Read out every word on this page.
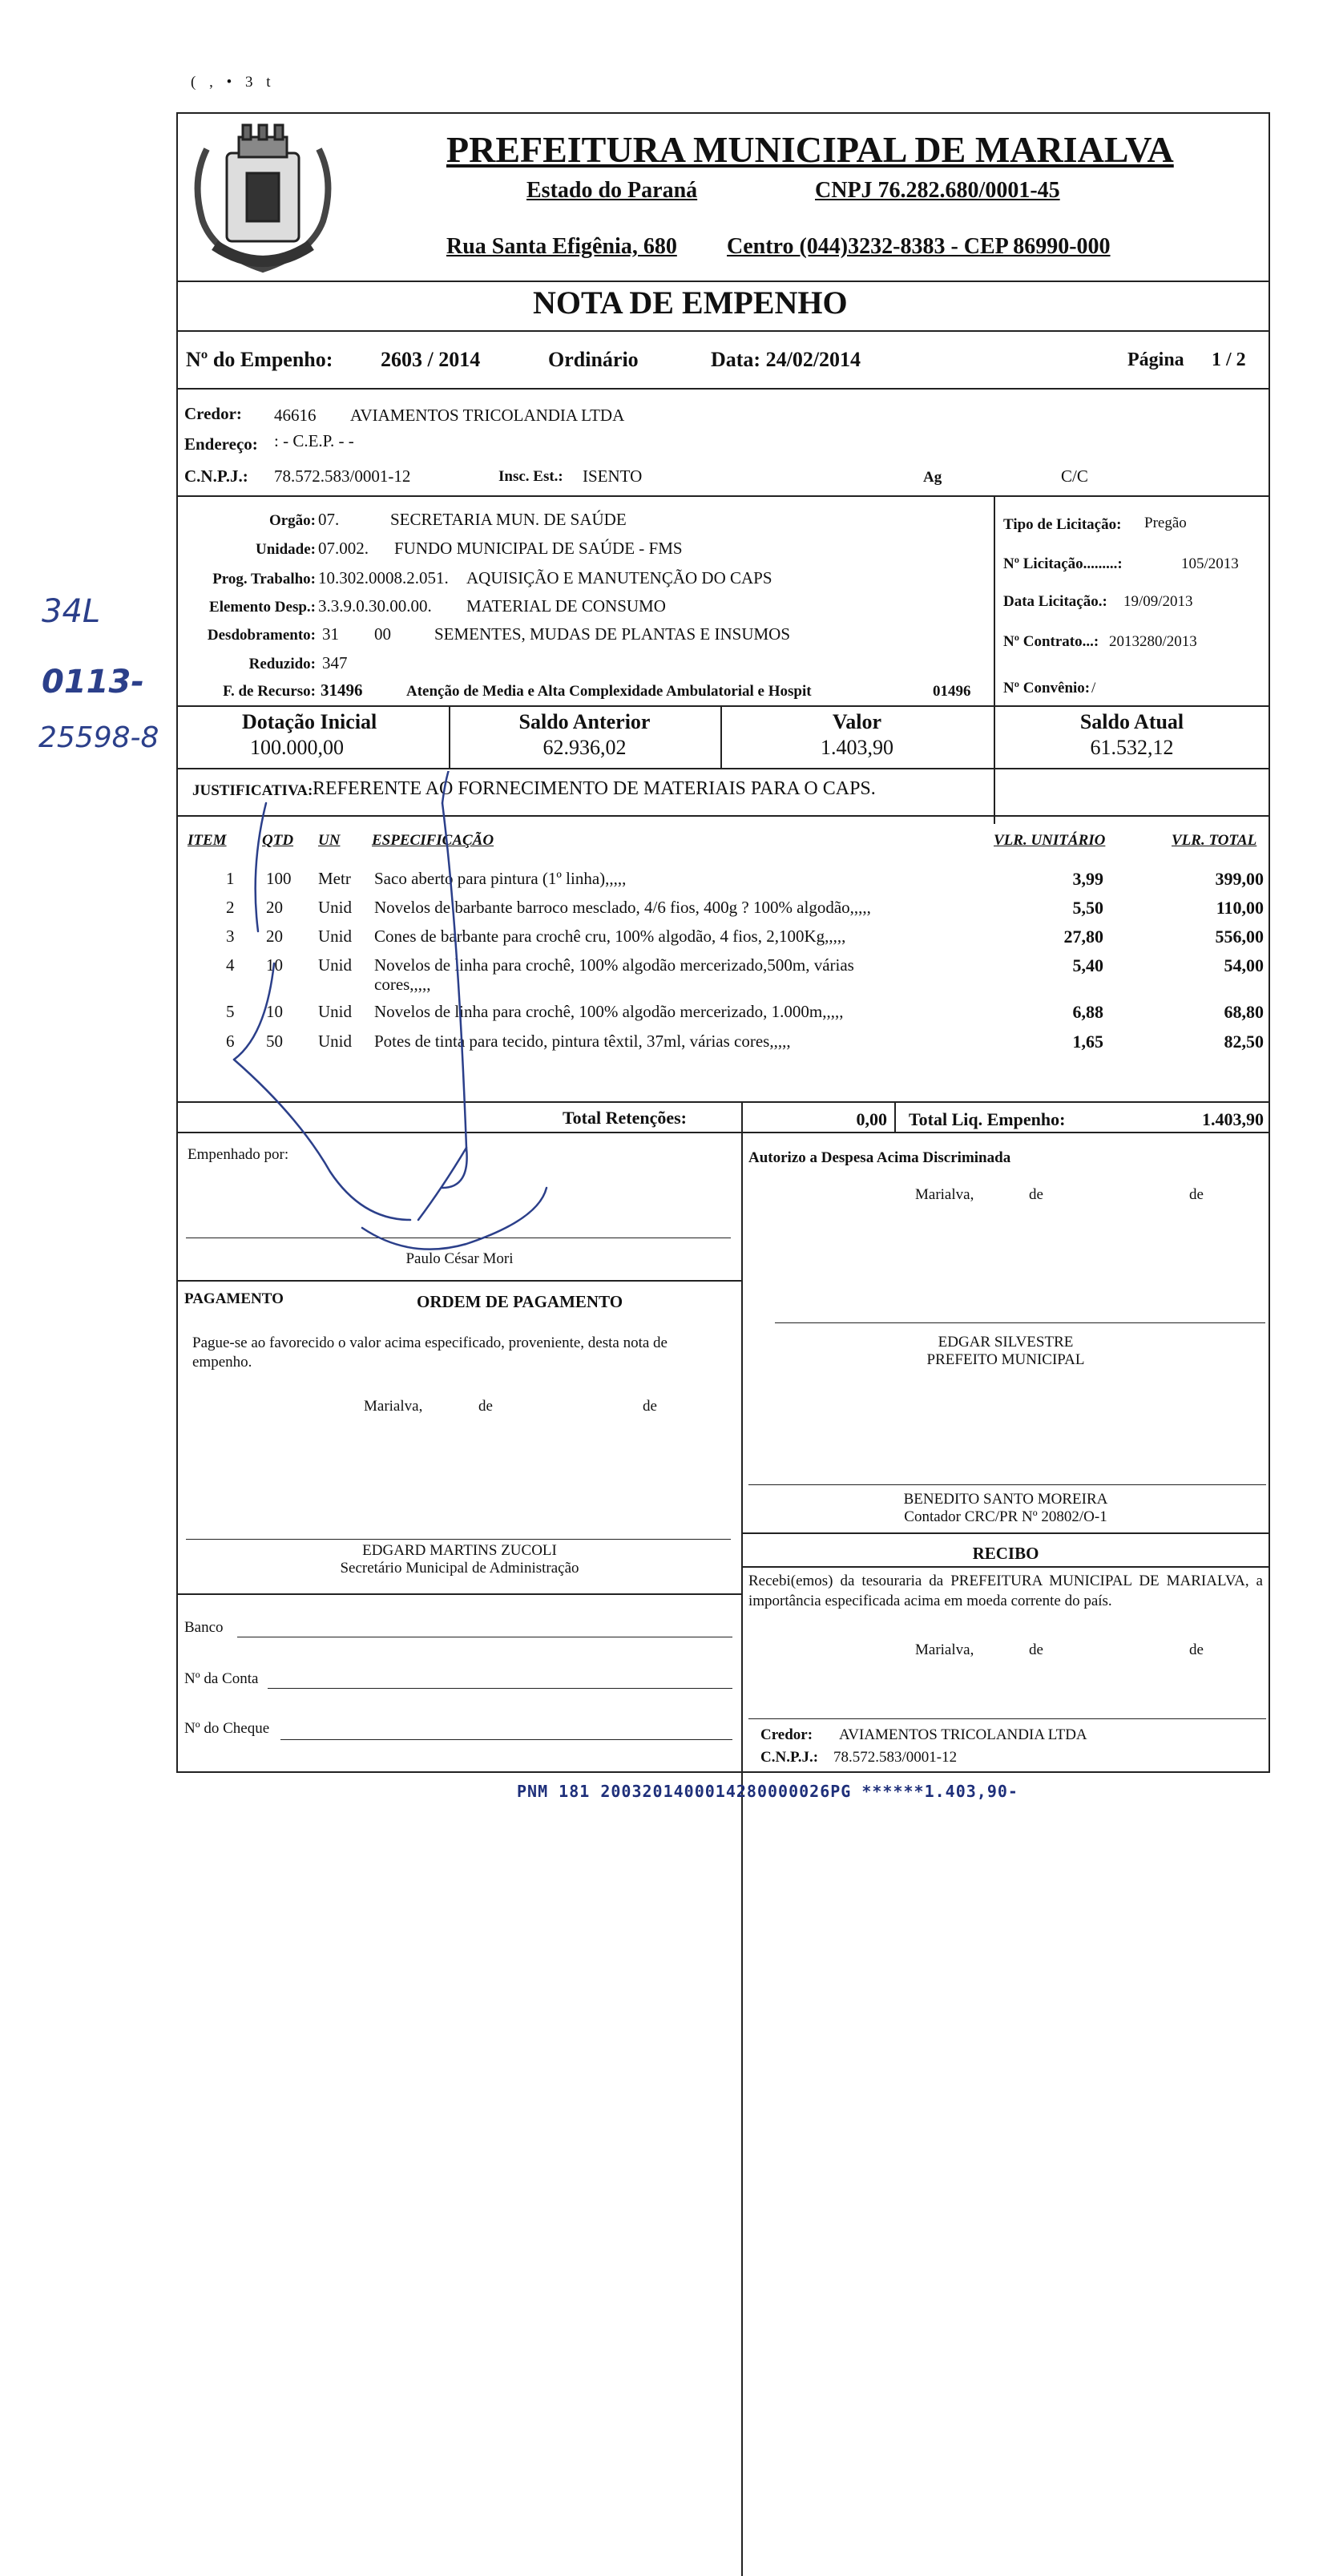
( , • 3 t
34L
0113-
25598-8
PREFEITURA MUNICIPAL DE MARIALVA
Estado do Paraná	CNPJ 76.282.680/0001-45
Rua Santa Efigênia, 680 Centro (044)3232-8383 - CEP 86990-000
NOTA DE EMPENHO
Nº do Empenho: 2603 / 2014	Ordinário	Data: 24/02/2014	Página 1 / 2
Credor: 46616 AVIAMENTOS TRICOLANDIA LTDA
Endereço: : - C.E.P. - -
C.N.P.J.: 78.572.583/0001-12	Insc. Est.: ISENTO	Ag	C/C
Orgão: 07.	SECRETARIA MUN. DE SAÚDE
Unidade: 07.002. FUNDO MUNICIPAL DE SAÚDE - FMS
Prog. Trabalho: 10.302.0008.2.051. AQUISIÇÃO E MANUTENÇÃO DO CAPS
Elemento Desp.: 3.3.9.0.30.00.00. MATERIAL DE CONSUMO
Desdobramento: 31 00	SEMENTES, MUDAS DE PLANTAS E INSUMOS
Reduzido: 347
F. de Recurso: 31496	Atenção de Media e Alta Complexidade Ambulatorial e Hospit	01496
Tipo de Licitação: Pregão
Nº Licitação.........:	105/2013
Data Licitação.: 19/09/2013
Nº Contrato...: 2013280/2013
Nº Convênio: /
Dotação Inicial
100.000,00
Saldo Anterior
62.936,02
Valor
1.403,90
Saldo Atual
61.532,12
JUSTIFICATIVA: REFERENTE AO FORNECIMENTO DE MATERIAIS PARA O CAPS.
ITEM QTD UN ESPECIFICAÇÃO	VLR. UNITÁRIO	VLR. TOTAL
1 100 Metr Saco aberto para pintura (1º linha),,,,,	3,99	399,00
2 20 Unid Novelos de barbante barroco mesclado, 4/6 fios, 400g ? 100% algodão,,,,,	5,50	110,00
3 20 Unid Cones de barbante para crochê cru, 100% algodão, 4 fios, 2,100Kg,,,,,	27,80	556,00
4 10 Unid Novelos de linha para crochê, 100% algodão mercerizado,500m, várias
cores,,,,,
5,40	54,00
5 10 Unid Novelos de linha para crochê, 100% algodão mercerizado, 1.000m,,,,,	6,88	68,80
6 50 Unid Potes de tinta para tecido, pintura têxtil, 37ml, várias cores,,,,,	1,65	82,50
Total Retenções:	0,00 Total Liq. Empenho:	1.403,90
Empenhado por:
Paulo César Mori
Autorizo a Despesa Acima Discriminada
Marialva,	de	de
EDGAR SILVESTRE
PREFEITO MUNICIPAL
PAGAMENTO	ORDEM DE PAGAMENTO
Pague-se ao favorecido o valor acima especificado, proveniente, desta nota de empenho.
Marialva,	de	de
EDGARD MARTINS ZUCOLI
Secretário Municipal de Administração
Banco
Nº da Conta
Nº do Cheque
BENEDITO SANTO MOREIRA
Contador CRC/PR Nº 20802/O-1
RECIBO
Recebi(emos) da tesouraria da PREFEITURA MUNICIPAL DE MARIALVA, a importância especificada acima em moeda corrente do país.
Marialva,	de	de
Credor: AVIAMENTOS TRICOLANDIA LTDA
C.N.P.J.: 78.572.583/0001-12
PNM 181 2003201400014280000026PG ******1.403,90-
